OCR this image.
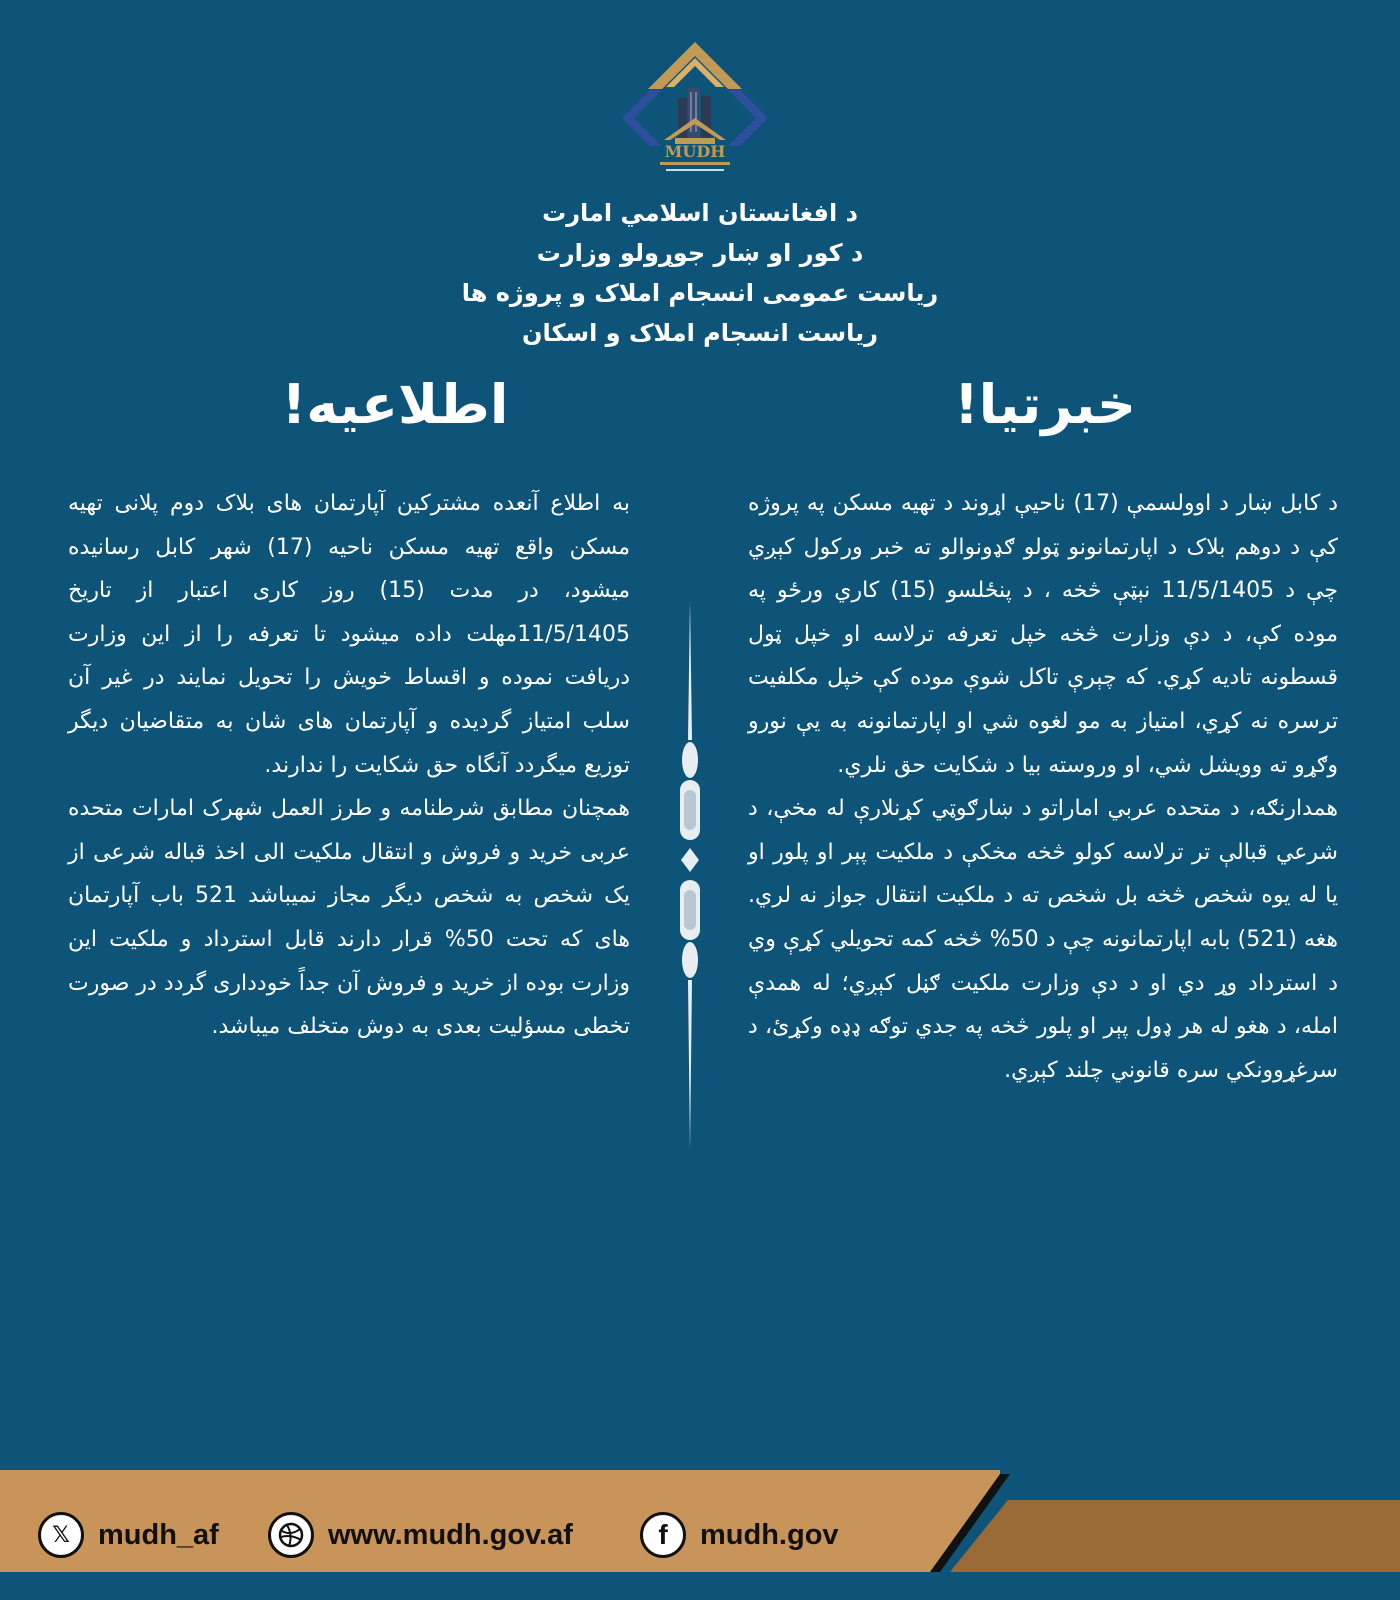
MUDH
د افغانستان اسلامي امارت
د کور او ښار جوړولو وزارت
ریاست عمومی انسجام املاک و پروژه ها
ریاست انسجام املاک و اسکان
خبرتیا!
اطلاعیه!

د کابل ښار د اوولسمې (17) ناحیې اړوند د تهیه مسکن په پروژه کې د دوهم بلاک د اپارتمانونو ټولو ګډونوالو ته خبر ورکول کېږي چې د 11/5/1405 نېټې څخه ، د پنځلسو (15) کاري ورځو په موده کې، د دې وزارت څخه خپل تعرفه ترلاسه او خپل ټول قسطونه تادیه کړي. که چېرې تاکل شوې موده کې خپل مکلفیت ترسره نه کړي، امتیاز به مو لغوه شي او اپارتمانونه به یې نورو وګړو ته وویشل شي، او وروسته بیا د شکایت حق نلري.

همدارنګه، د متحده عربي اماراتو د ښارګوټي کړنلارې له مخې، د شرعي قبالې تر ترلاسه کولو څخه مخکې د ملکیت پېر او پلور او یا له یوه شخص څخه بل شخص ته د ملکیت انتقال جواز نه لري. هغه (521) بابه اپارتمانونه چې د 50% څخه کمه تحویلي کړې وي د استرداد وړ دي او د دې وزارت ملکیت ګڼل کېږي؛ له همدې امله، د هغو له هر ډول پېر او پلور څخه په جدي توګه ډډه وکړئ، د سرغړوونکي سره قانوني چلند کېږي.

به اطلاع آنعده مشترکین آپارتمان های بلاک دوم پلانی تهیه مسکن واقع تهیه مسکن ناحیه (17) شهر کابل رسانیده میشود، در مدت (15) روز کاری اعتبار از تاریخ 11/5/1405مهلت داده میشود تا تعرفه را از این وزارت دریافت نموده و اقساط خویش را تحویل نمایند در غیر آن سلب امتیاز گردیده و آپارتمان های شان به متقاضیان دیگر توزیع میگردد آنگاه حق شکایت را ندارند.

همچنان مطابق شرطنامه و طرز العمل شهرک امارات متحده عربی خرید و فروش و انتقال ملکیت الی اخذ قباله شرعی از یک شخص به شخص دیگر مجاز نمیباشد 521 باب آپارتمان های که تحت 50% قرار دارند قابل استرداد و ملکیت این وزارت بوده از خرید و فروش آن جداً خودداری گردد در صورت تخطی مسؤلیت بعدی به دوش متخلف میباشد.

𝕏 mudh_af	www.mudh.gov.af	f	mudh.gov
